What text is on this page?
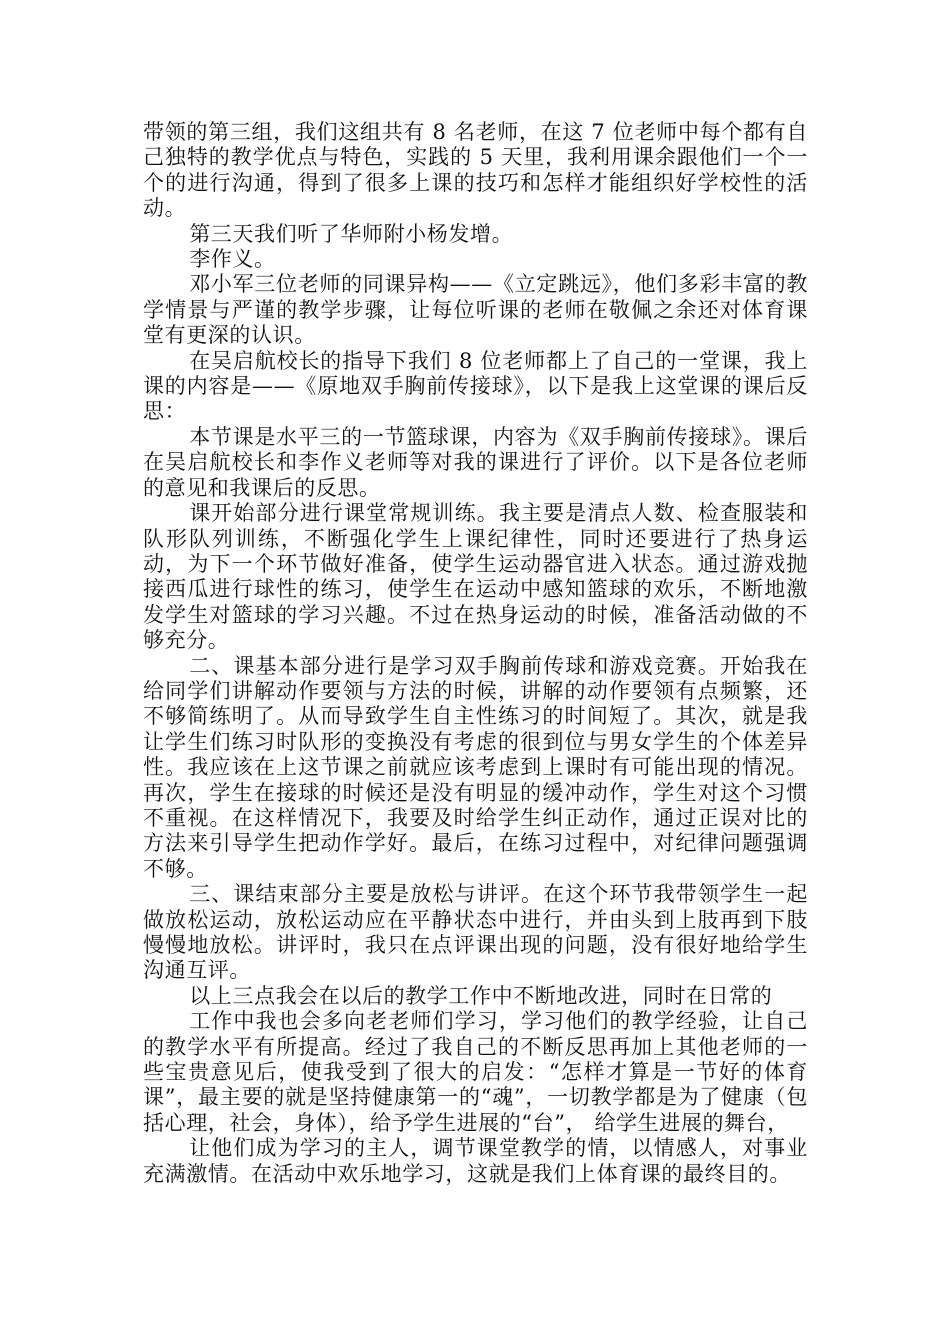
带领的第三组，我们这组共有 8 名老师，在这 7 位老师中每个都有自己独特的教学优点与特色，实践的 5 天里，我利用课余跟他们一个一个的进行沟通，得到了很多上课的技巧和怎样才能组织好学校性的活动。

第三天我们听了华师附小杨发增。

李作义。

邓小军三位老师的同课异构——《立定跳远》，他们多彩丰富的教学情景与严谨的教学步骤，让每位听课的老师在敬佩之余还对体育课堂有更深的认识。

在吴启航校长的指导下我们 8 位老师都上了自己的一堂课，我上课的内容是——《原地双手胸前传接球》，以下是我上这堂课的课后反思：

本节课是水平三的一节篮球课，内容为《双手胸前传接球》。课后在吴启航校长和李作义老师等对我的课进行了评价。以下是各位老师的意见和我课后的反思。

课开始部分进行课堂常规训练。我主要是清点人数、检查服装和队形队列训练，不断强化学生上课纪律性，同时还要进行了热身运动，为下一个环节做好准备，使学生运动器官进入状态。通过游戏抛接西瓜进行球性的练习，使学生在运动中感知篮球的欢乐，不断地激发学生对篮球的学习兴趣。不过在热身运动的时候，准备活动做的不够充分。

二、课基本部分进行是学习双手胸前传球和游戏竞赛。开始我在给同学们讲解动作要领与方法的时候，讲解的动作要领有点频繁，还不够简练明了。从而导致学生自主性练习的时间短了。其次，就是我让学生们练习时队形的变换没有考虑的很到位与男女学生的个体差异性。我应该在上这节课之前就应该考虑到上课时有可能出现的情况。再次，学生在接球的时候还是没有明显的缓冲动作，学生对这个习惯不重视。在这样情况下，我要及时给学生纠正动作，通过正误对比的方法来引导学生把动作学好。最后，在练习过程中，对纪律问题强调不够。

三、课结束部分主要是放松与讲评。在这个环节我带领学生一起做放松运动，放松运动应在平静状态中进行，并由头到上肢再到下肢慢慢地放松。讲评时，我只在点评课出现的问题，没有很好地给学生沟通互评。

以上三点我会在以后的教学工作中不断地改进，同时在日常的

工作中我也会多向老老师们学习，学习他们的教学经验，让自己的教学水平有所提高。经过了我自己的不断反思再加上其他老师的一些宝贵意见后，使我受到了很大的启发：“怎样才算是一节好的体育课”，最主要的就是坚持健康第一的“魂”，一切教学都是为了健康（包括心理，社会，身体），给予学生进展的“台”， 给学生进展的舞台，

让他们成为学习的主人，调节课堂教学的情，以情感人，对事业充满激情。在活动中欢乐地学习，这就是我们上体育课的最终目的。
